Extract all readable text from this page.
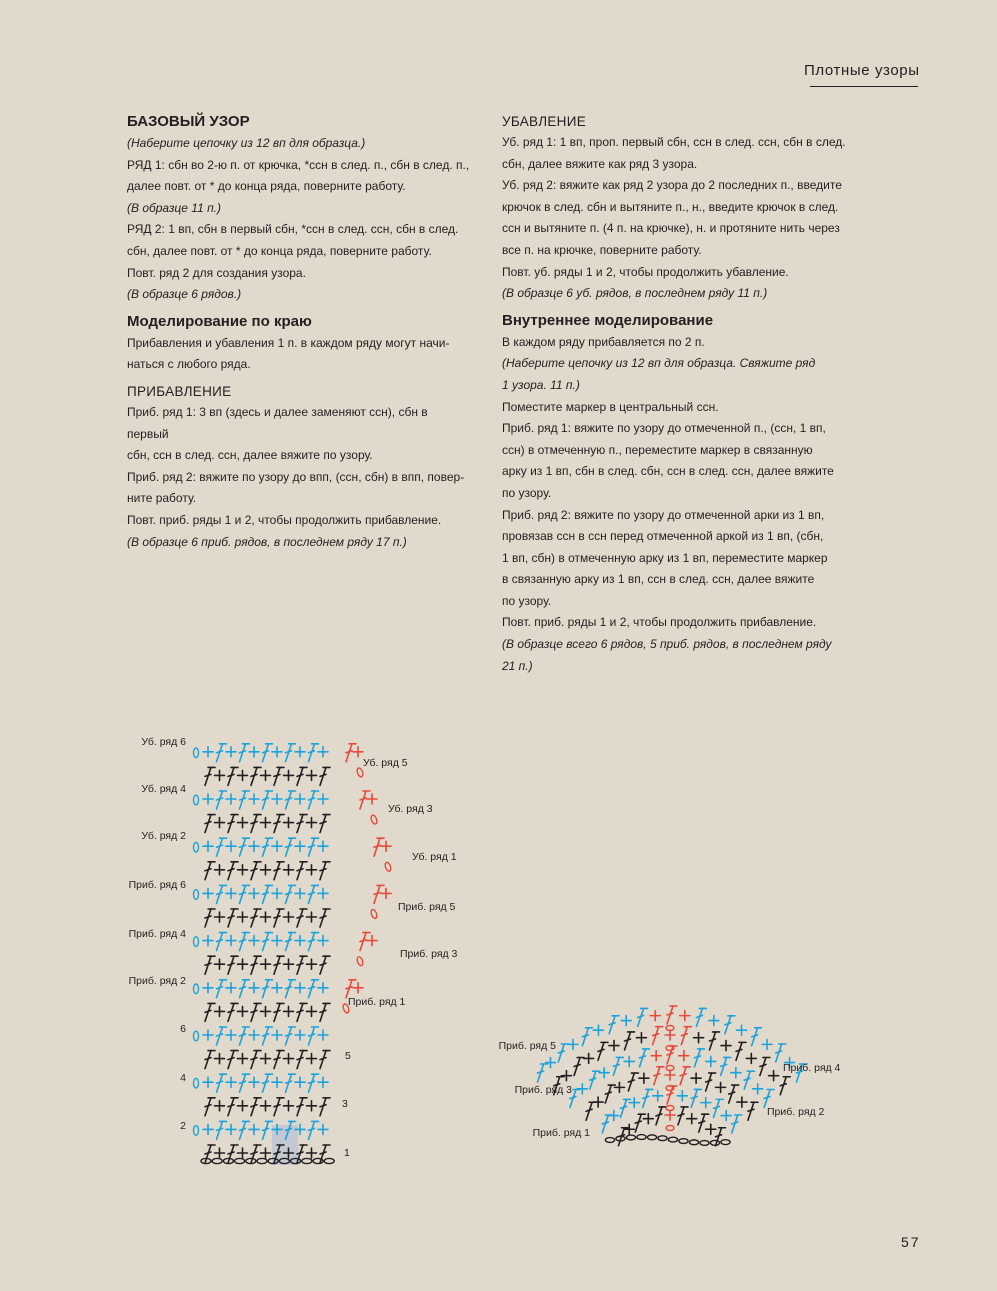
Плотные узоры
БАЗОВЫЙ УЗОР

(Наберите цепочку из 12 вп для образца.)

РЯД 1: сбн во 2-ю п. от крючка, *ссн в след. п., сбн в след. п.,

далее повт. от * до конца ряда, поверните работу.

(В образце 11 п.)

РЯД 2: 1 вп, сбн в первый сбн, *ссн в след. ссн, сбн в след.

сбн, далее повт. от * до конца ряда, поверните работу.

Повт. ряд 2 для создания узора.

(В образце 6 рядов.)

Моделирование по краю

Прибавления и убавления 1 п. в каждом ряду могут начи-

наться с любого ряда.

ПРИБАВЛЕНИЕ

Приб. ряд 1: 3 вп (здесь и далее заменяют ссн), сбн в первый

сбн, ссн в след. ссн, далее вяжите по узору.

Приб. ряд 2: вяжите по узору до впп, (ссн, сбн) в впп, повер-

ните работу.

Повт. приб. ряды 1 и 2, чтобы продолжить прибавление.

(В образце 6 приб. рядов, в последнем ряду 17 п.)

УБАВЛЕНИЕ

Уб. ряд 1: 1 вп, проп. первый сбн, ссн в след. ссн, сбн в след.

сбн, далее вяжите как ряд 3 узора.

Уб. ряд 2: вяжите как ряд 2 узора до 2 последних п., введите

крючок в след. сбн и вытяните п., н., введите крючок в след.

ссн и вытяните п. (4 п. на крючке), н. и протяните нить через

все п. на крючке, поверните работу.

Повт. уб. ряды 1 и 2, чтобы продолжить убавление.

(В образце 6 уб. рядов, в последнем ряду 11 п.)

Внутреннее моделирование

В каждом ряду прибавляется по 2 п.

(Наберите цепочку из 12 вп для образца. Свяжите ряд

1 узора. 11 п.)

Поместите маркер в центральный ссн.

Приб. ряд 1: вяжите по узору до отмеченной п., (ссн, 1 вп,

ссн) в отмеченную п., переместите маркер в связанную

арку из 1 вп, сбн в след. сбн, ссн в след. ссн, далее вяжите

по узору.

Приб. ряд 2: вяжите по узору до отмеченной арки из 1 вп,

провязав ссн в ссн перед отмеченной аркой из 1 вп, (сбн,

1 вп, сбн) в отмеченную арку из 1 вп, переместите маркер

в связанную арку из 1 вп, ссн в след. ссн, далее вяжите

по узору.

Повт. приб. ряды 1 и 2, чтобы продолжить прибавление.

(В образце всего 6 рядов, 5 приб. рядов, в последнем ряду 21 п.)

Уб. ряд 6
Уб. ряд 4
Уб. ряд 2
Приб. ряд 6
Приб. ряд 4
Приб. ряд 2
6
4
2
Уб. ряд 5
Уб. ряд 3
Уб. ряд 1
Приб. ряд 5
Приб. ряд 3
Приб. ряд 1
5
3
1
Приб. ряд 5
Приб. ряд 3
Приб. ряд 1
Приб. ряд 4
Приб. ряд 2
57
